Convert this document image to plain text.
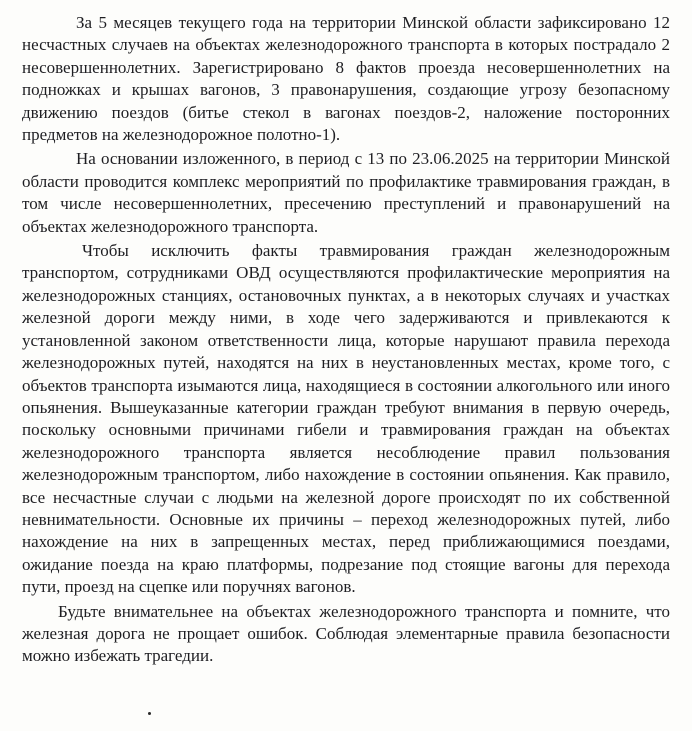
За 5 месяцев текущего года на территории Минской области зафиксировано 12 несчастных случаев на объектах железнодорожного транспорта в которых пострадало 2 несовершеннолетних. Зарегистрировано 8 фактов проезда несовершеннолетних на подножках и крышах вагонов, 3 правонарушения, создающие угрозу безопасному движению поездов (битье стекол в вагонах поездов-2, наложение посторонних предметов на железнодорожное полотно-1).

На основании изложенного, в период с 13 по 23.06.2025 на территории Минской области проводится комплекс мероприятий по профилактике травмирования граждан, в том числе несовершеннолетних, пресечению преступлений и правонарушений на объектах железнодорожного транспорта.

Чтобы исключить факты травмирования граждан железнодорожным транспортом, сотрудниками ОВД осуществляются профилактические мероприятия на железнодорожных станциях, остановочных пунктах, а в некоторых случаях и участках железной дороги между ними, в ходе чего задерживаются и привлекаются к установленной законом ответственности лица, которые нарушают правила перехода железнодорожных путей, находятся на них в неустановленных местах, кроме того, с объектов транспорта изымаются лица, находящиеся в состоянии алкогольного или иного опьянения. Вышеуказанные категории граждан требуют внимания в первую очередь, поскольку основными причинами гибели и травмирования граждан на объектах железнодорожного транспорта является несоблюдение правил пользования железнодорожным транспортом, либо нахождение в состоянии опьянения. Как правило, все несчастные случаи с людьми на железной дороге происходят по их собственной невнимательности. Основные их причины – переход железнодорожных путей, либо нахождение на них в запрещенных местах, перед приближающимися поездами, ожидание поезда на краю платформы, подрезание под стоящие вагоны для перехода пути, проезд на сцепке или поручнях вагонов.

Будьте внимательнее на объектах железнодорожного транспорта и помните, что железная дорога не прощает ошибок. Соблюдая элементарные правила безопасности можно избежать трагедии.
